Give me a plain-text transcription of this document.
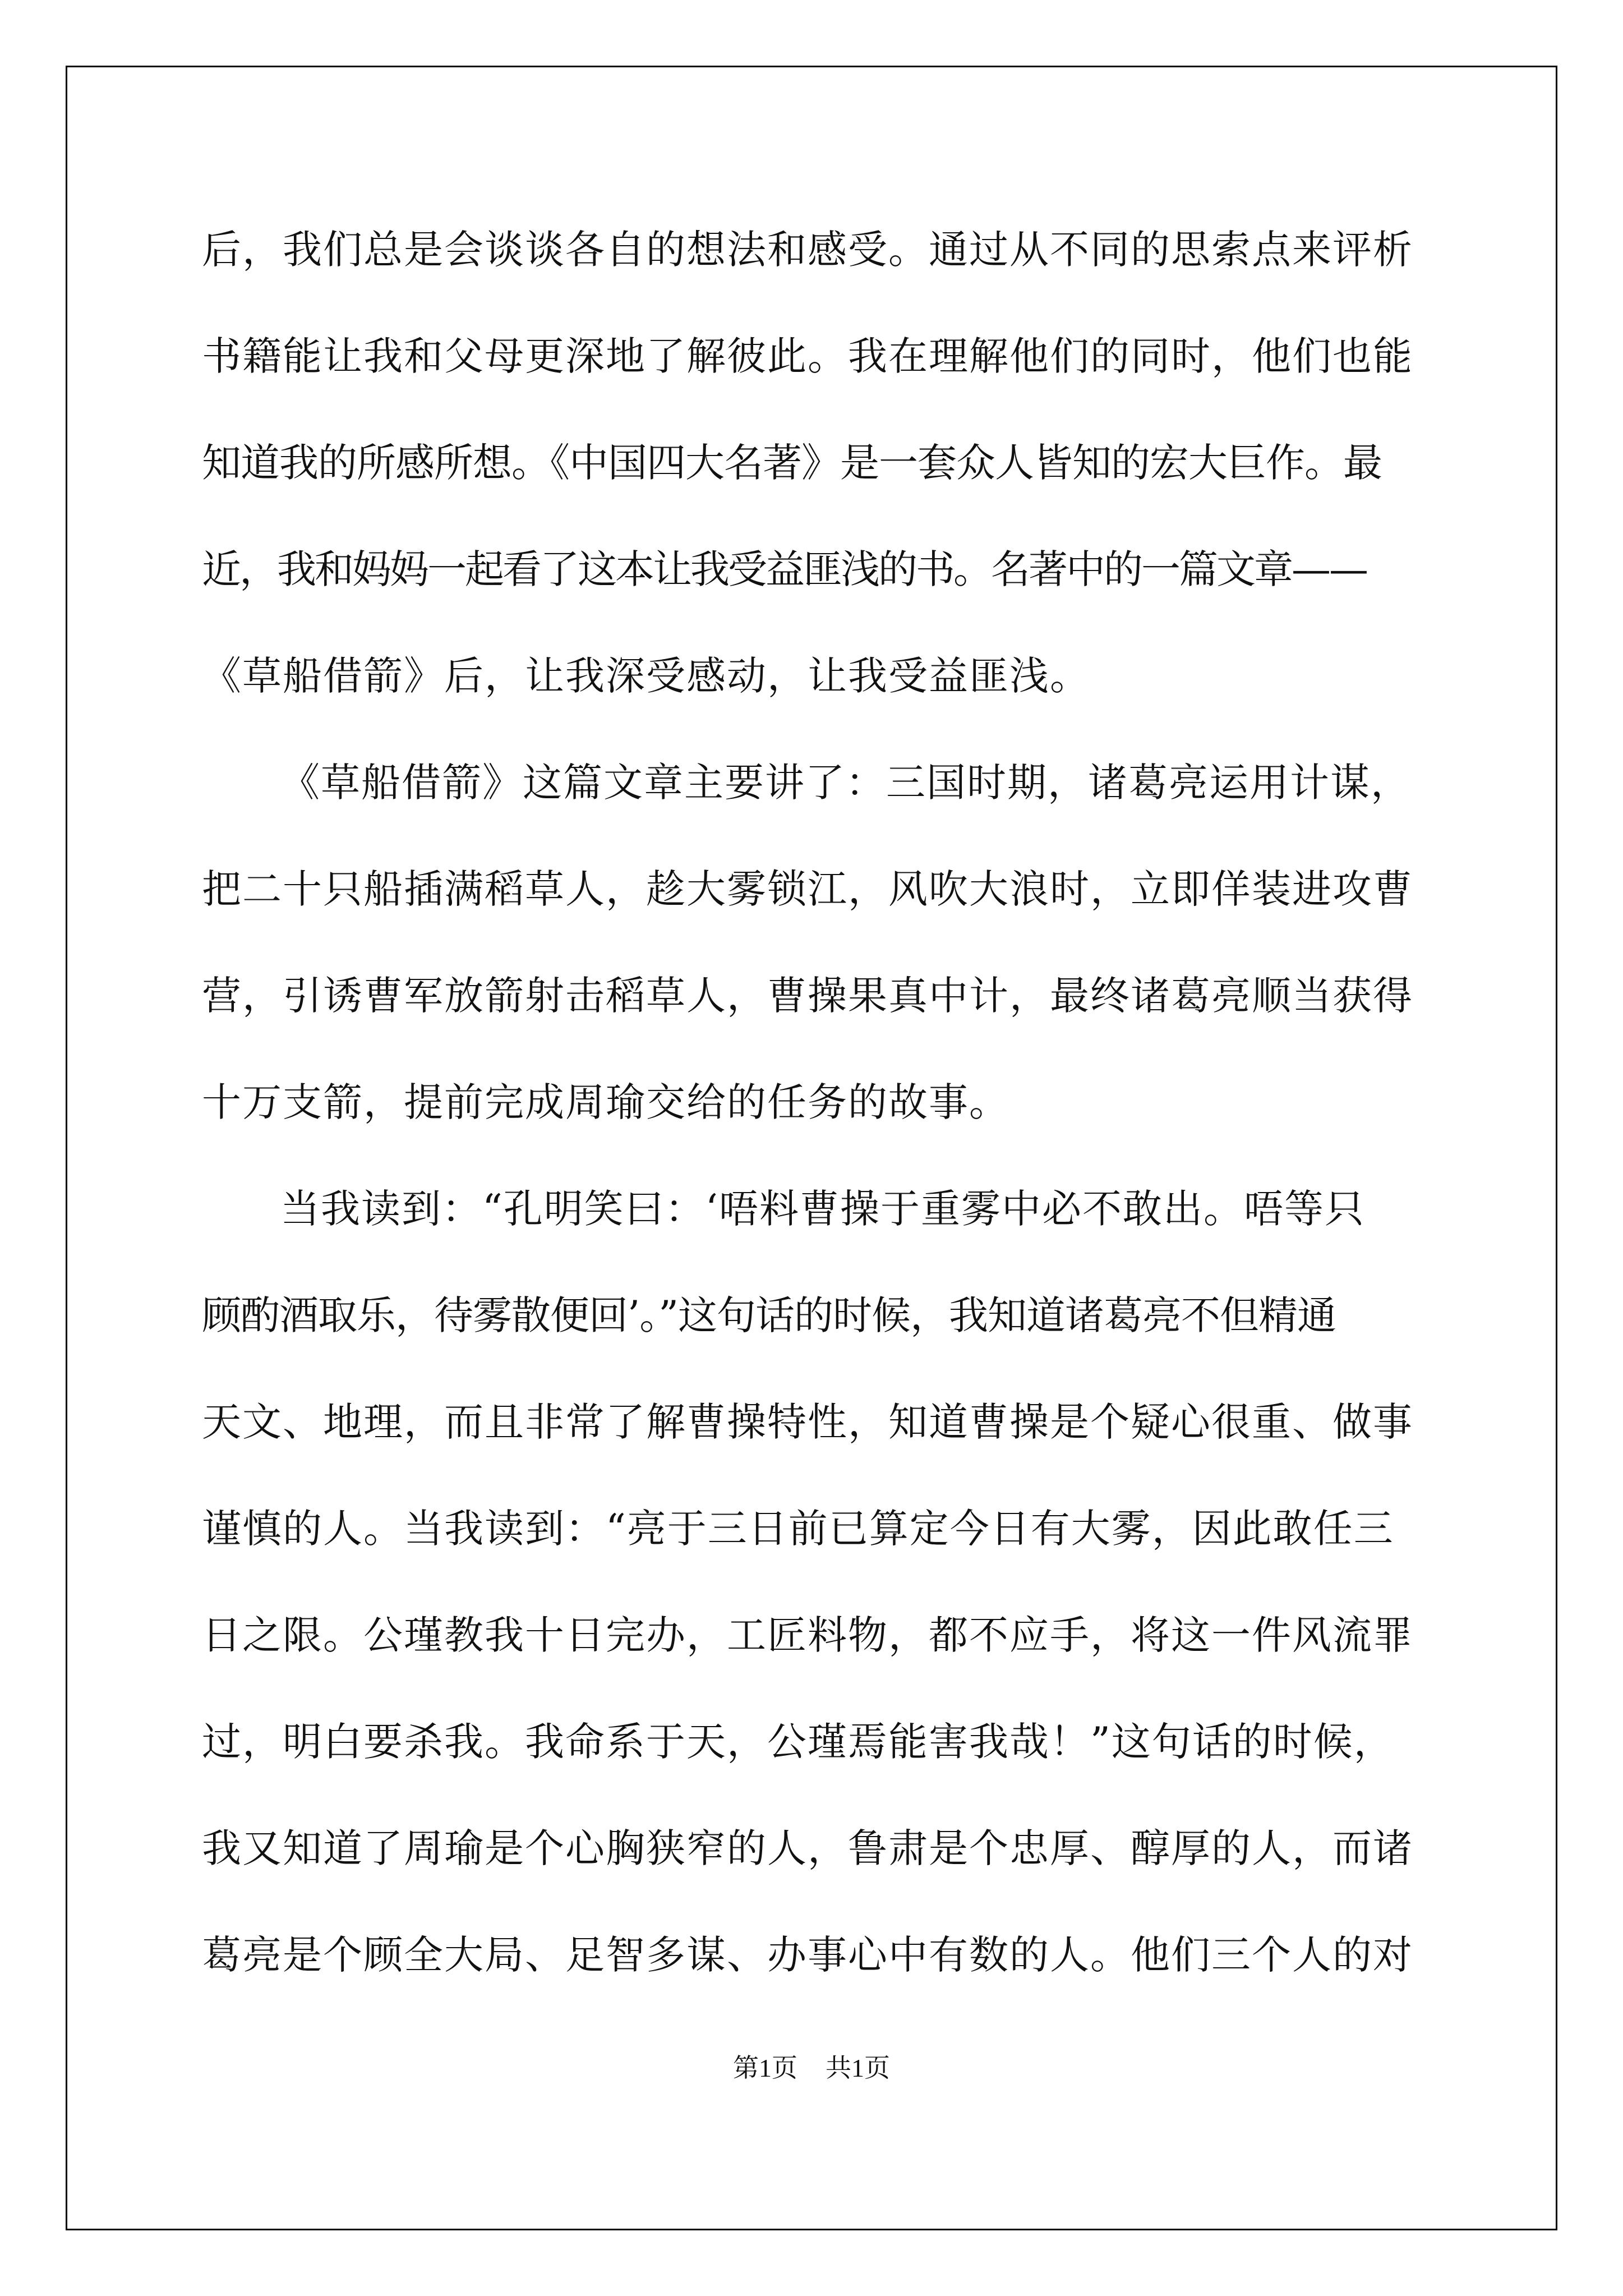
后，我们总是会谈谈各自的想法和感受。通过从不同的思索点来评析
书籍能让我和父母更深地了解彼此。我在理解他们的同时，他们也能
知道我的所感所想。《中国四大名著》是一套众人皆知的宏大巨作。最
近，我和妈妈一起看了这本让我受益匪浅的书。名著中的一篇文章——
《草船借箭》后，让我深受感动，让我受益匪浅。
《草船借箭》这篇文章主要讲了：三国时期，诸葛亮运用计谋，
把二十只船插满稻草人，趁大雾锁江，风吹大浪时，立即佯装进攻曹
营，引诱曹军放箭射击稻草人，曹操果真中计，最终诸葛亮顺当获得
十万支箭，提前完成周瑜交给的任务的故事。
当我读到：“孔明笑曰：‘唔料曹操于重雾中必不敢出。唔等只
顾酌酒取乐，待雾散便回’。”这句话的时候，我知道诸葛亮不但精通
天文、地理，而且非常了解曹操特性，知道曹操是个疑心很重、做事
谨慎的人。当我读到：“亮于三日前已算定今日有大雾，因此敢任三
日之限。公瑾教我十日完办，工匠料物，都不应手，将这一件风流罪
过，明白要杀我。我命系于天，公瑾焉能害我哉！”这句话的时候，
我又知道了周瑜是个心胸狭窄的人，鲁肃是个忠厚、醇厚的人，而诸
葛亮是个顾全大局、足智多谋、办事心中有数的人。他们三个人的对
第1页 共1页
